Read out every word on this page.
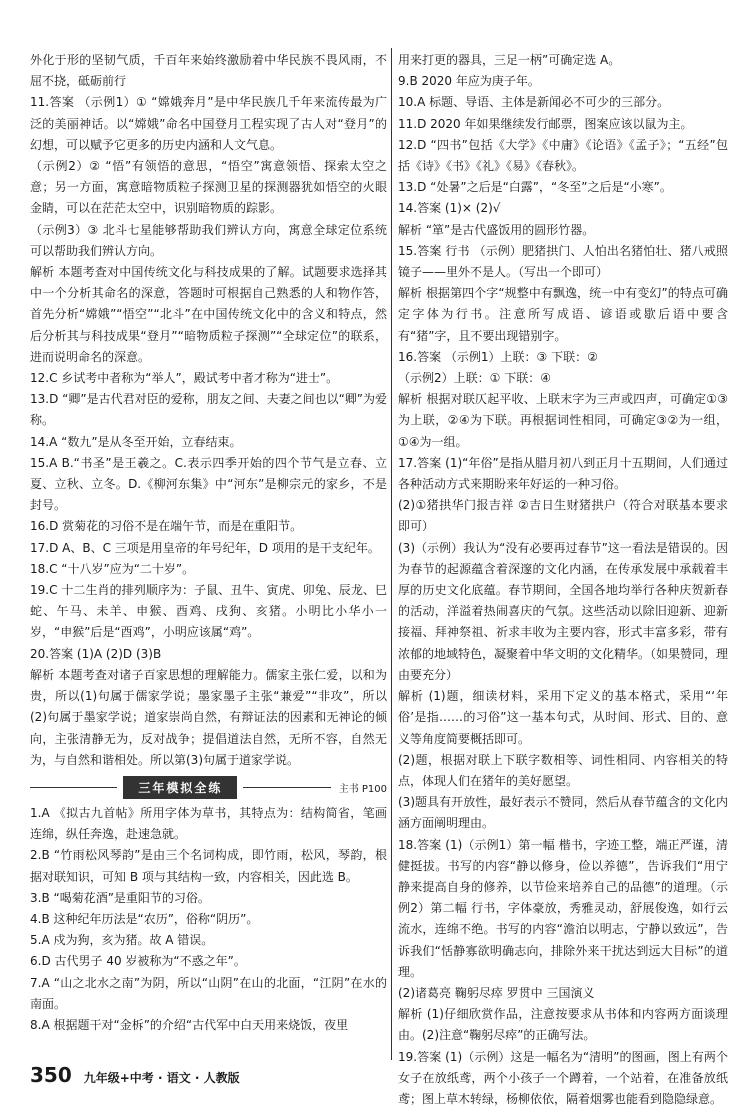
外化于形的坚韧气质，千百年来始终激励着中华民族不畏风雨，不屈不挠，砥砺前行
11.答案 （示例1）① “嫦娥奔月”是中华民族几千年来流传最为广泛的美丽神话。以“嫦娥”命名中国登月工程实现了古人对“登月”的幻想，可以赋予它更多的历史内涵和人文气息。
（示例2）② “悟”有领悟的意思，“悟空”寓意领悟、探索太空之意；另一方面，寓意暗物质粒子探测卫星的探测器犹如悟空的火眼金睛，可以在茫茫太空中，识别暗物质的踪影。
（示例3）③ 北斗七星能够帮助我们辨认方向，寓意全球定位系统可以帮助我们辨认方向。
解析 本题考查对中国传统文化与科技成果的了解。试题要求选择其中一个分析其命名的深意，答题时可根据自己熟悉的人和物作答，首先分析“嫦娥”“悟空”“北斗”在中国传统文化中的含义和特点，然后分析其与科技成果“登月”“暗物质粒子探测”“全球定位”的联系，进而说明命名的深意。
12.C 乡试考中者称为“举人”，殿试考中者才称为“进士”。
13.D “卿”是古代君对臣的爱称，朋友之间、夫妻之间也以“卿”为爱称。
14.A “数九”是从冬至开始，立春结束。
15.A B.“书圣”是王羲之。C.表示四季开始的四个节气是立春、立夏、立秋、立冬。D.《柳河东集》中“河东”是柳宗元的家乡，不是封号。
16.D 赏菊花的习俗不是在端午节，而是在重阳节。
17.D A、B、C 三项是用皇帝的年号纪年，D 项用的是干支纪年。
18.C “十八岁”应为“二十岁”。
19.C 十二生肖的排列顺序为：子鼠、丑牛、寅虎、卯兔、辰龙、巳蛇、午马、未羊、申猴、酉鸡、戌狗、亥猪。小明比小华小一岁，“申猴”后是“酉鸡”，小明应该属“鸡”。
20.答案 (1)A (2)D (3)B
解析 本题考查对诸子百家思想的理解能力。儒家主张仁爱，以和为贵，所以(1)句属于儒家学说；墨家墨子主张“兼爱”“非攻”，所以(2)句属于墨家学说；道家崇尚自然，有辩证法的因素和无神论的倾向，主张清静无为，反对战争；提倡道法自然，无所不容，自然无为，与自然和谐相处。所以第(3)句属于道家学说。
三年模拟全练	主书 P100
1.A 《拟古九首帖》所用字体为草书，其特点为：结构简省，笔画连绵，纵任奔逸，赴速急就。
2.B “竹雨松风琴韵”是由三个名词构成，即竹雨，松风，琴韵，根据对联知识，可知 B 项与其结构一致，内容相关，因此选 B。
3.B “喝菊花酒”是重阳节的习俗。
4.B 这种纪年历法是“农历”，俗称“阴历”。
5.A 戍为狗，亥为猪。故 A 错误。
6.D 古代男子 40 岁被称为“不惑之年”。
7.A “山之北水之南”为阴，所以“山阴”在山的北面，“江阴”在水的南面。
8.A 根据题干对“金柝”的介绍“古代军中白天用来烧饭，夜里
用来打更的器具，三足一柄”可确定选 A。
9.B 2020 年应为庚子年。
10.A 标题、导语、主体是新闻必不可少的三部分。
11.D 2020 年如果继续发行邮票，图案应该以鼠为主。
12.D “四书”包括《大学》《中庸》《论语》《孟子》；“五经”包括《诗》《书》《礼》《易》《春秋》。
13.D “处暑”之后是“白露”，“冬至”之后是“小寒”。
14.答案 (1)× (2)√
解析 “箪”是古代盛饭用的圆形竹器。
15.答案 行书 （示例）肥猪拱门、人怕出名猪怕壮、猪八戒照镜子——里外不是人。（写出一个即可）
解析 根据第四个字“规整中有飘逸，统一中有变幻”的特点可确定字体为行书。注意所写成语、谚语或歇后语中要含有“猪”字，且不要出现错别字。
16.答案 （示例1）上联：③ 下联：②
（示例2）上联：① 下联：④
解析 根据对联仄起平收、上联末字为三声或四声，可确定①③为上联，②④为下联。再根据词性相同，可确定③②为一组，①④为一组。
17.答案 (1)“年俗”是指从腊月初八到正月十五期间，人们通过各种活动方式来期盼来年好运的一种习俗。
(2)①猪拱华门报吉祥 ②吉日生财猪拱户（符合对联基本要求即可）
(3)（示例）我认为“没有必要再过春节”这一看法是错误的。因为春节的起源蕴含着深邃的文化内涵，在传承发展中承载着丰厚的历史文化底蕴。春节期间，全国各地均举行各种庆贺新春的活动，洋溢着热闹喜庆的气氛。这些活动以除旧迎新、迎新接福、拜神祭祖、祈求丰收为主要内容，形式丰富多彩，带有浓郁的地域特色，凝聚着中华文明的文化精华。（如果赞同，理由要充分）
解析 (1)题，细读材料，采用下定义的基本格式，采用“‘年俗’是指……的习俗”这一基本句式，从时间、形式、目的、意义等角度简要概括即可。
(2)题，根据对联上下联字数相等、词性相同、内容相关的特点，体现人们在猪年的美好愿望。
(3)题具有开放性，最好表示不赞同，然后从春节蕴含的文化内涵方面阐明理由。
18.答案 (1)（示例1）第一幅 楷书，字迹工整，端正严谨，清健挺拔。书写的内容“静以修身，俭以养德”，告诉我们“用宁静来提高自身的修养，以节俭来培养自己的品德”的道理。（示例2）第二幅 行书，字体豪放，秀雅灵动，舒展俊逸，如行云流水，连绵不绝。书写的内容“澹泊以明志，宁静以致远”，告诉我们“恬静寡欲明确志向，排除外来干扰达到远大目标”的道理。
(2)诸葛亮 鞠躬尽瘁 罗贯中 三国演义
解析 (1)仔细欣赏作品，注意按要求从书体和内容两方面谈理由。(2)注意“鞠躬尽瘁”的正确写法。
19.答案 (1)（示例）这是一幅名为“清明”的图画，图上有两个女子在放纸鸢，两个小孩子一个蹲着，一个站着，在准备放纸鸢；图上草木转绿，杨柳依依，隔着烟雾也能看到隐隐绿意。
350 九年级+中考 · 语文 · 人教版
